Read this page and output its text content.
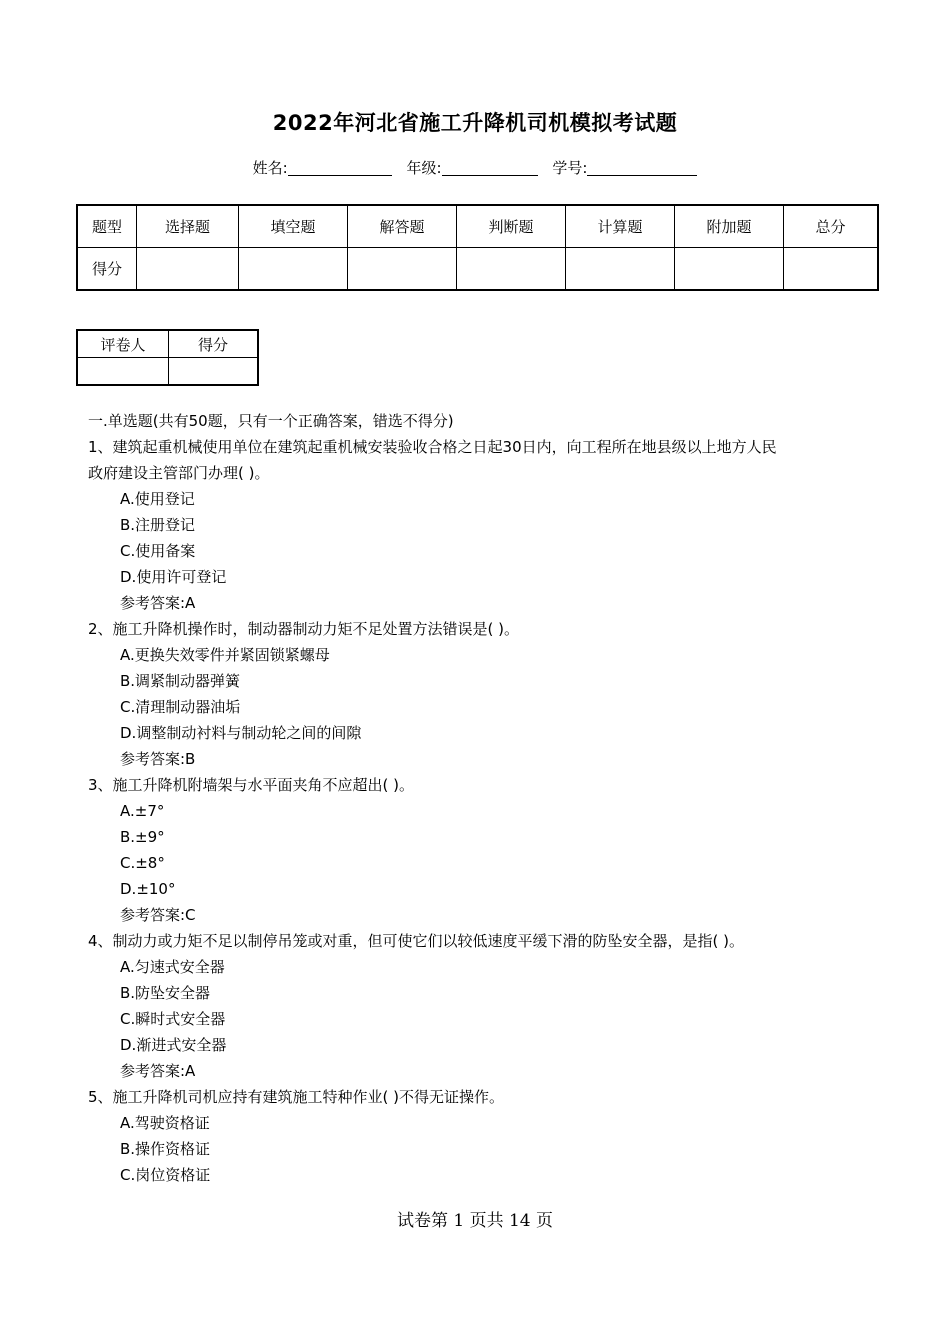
2022年河北省施工升降机司机模拟考试题
姓名:	年级:	学号:
题型	选择题	填空题	解答题	判断题	计算题	附加题	总分
得分							
评卷人	得分

一.单选题(共有50题，只有一个正确答案，错选不得分)
1、建筑起重机械使用单位在建筑起重机械安装验收合格之日起30日内，向工程所在地县级以上地方人民
政府建设主管部门办理( )。
A.使用登记
B.注册登记
C.使用备案
D.使用许可登记
参考答案:A
2、施工升降机操作时，制动器制动力矩不足处置方法错误是( )。
A.更换失效零件并紧固锁紧螺母
B.调紧制动器弹簧
C.清理制动器油垢
D.调整制动衬料与制动轮之间的间隙
参考答案:B
3、施工升降机附墙架与水平面夹角不应超出( )。
A.±7°
B.±9°
C.±8°
D.±10°
参考答案:C
4、制动力或力矩不足以制停吊笼或对重，但可使它们以较低速度平缓下滑的防坠安全器，是指( )。
A.匀速式安全器
B.防坠安全器
C.瞬时式安全器
D.渐进式安全器
参考答案:A
5、施工升降机司机应持有建筑施工特种作业( )不得无证操作。
A.驾驶资格证
B.操作资格证
C.岗位资格证
试卷第 1 页共 14 页
